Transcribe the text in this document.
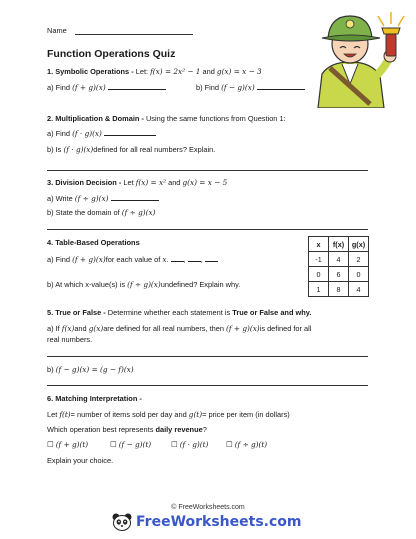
Name
Function Operations Quiz
1. Symbolic Operations - Let: f(x) = 2x² − 1 and g(x) = x − 3
a) Find (f + g)(x)	b) Find (f − g)(x)
2. Multiplication & Domain - Using the same functions from Question 1:
a) Find (f · g)(x)
b) Is (f · g)(x)defined for all real numbers? Explain.
3. Division Decision - Let f(x) = x² and g(x) = x − 5
a) Write (f ÷ g)(x)
b) State the domain of (f ÷ g)(x)
4. Table-Based Operations
a) Find (f + g)(x)for each value of x. , ,
b) At which x-value(s) is (f ÷ g)(x)undefined? Explain why.
x	f(x)	g(x)
-1	4	2
0	6	0
1	8	4
5. True or False - Determine whether each statement is True or False and why.
a) If f(x)and g(x)are defined for all real numbers, then (f + g)(x)is defined for all
real numbers.
b) (f − g)(x) = (g − f)(x)
6. Matching Interpretation -
Let f(t)= number of items sold per day and g(t)= price per item (in dollars)
Which operation best represents daily revenue?
☐ (f + g)(t)	☐ (f − g)(t)	☐ (f · g)(t) ☐ (f ÷ g)(t)
Explain your choice.
© FreeWorksheets.com
FreeWorksheets.com
